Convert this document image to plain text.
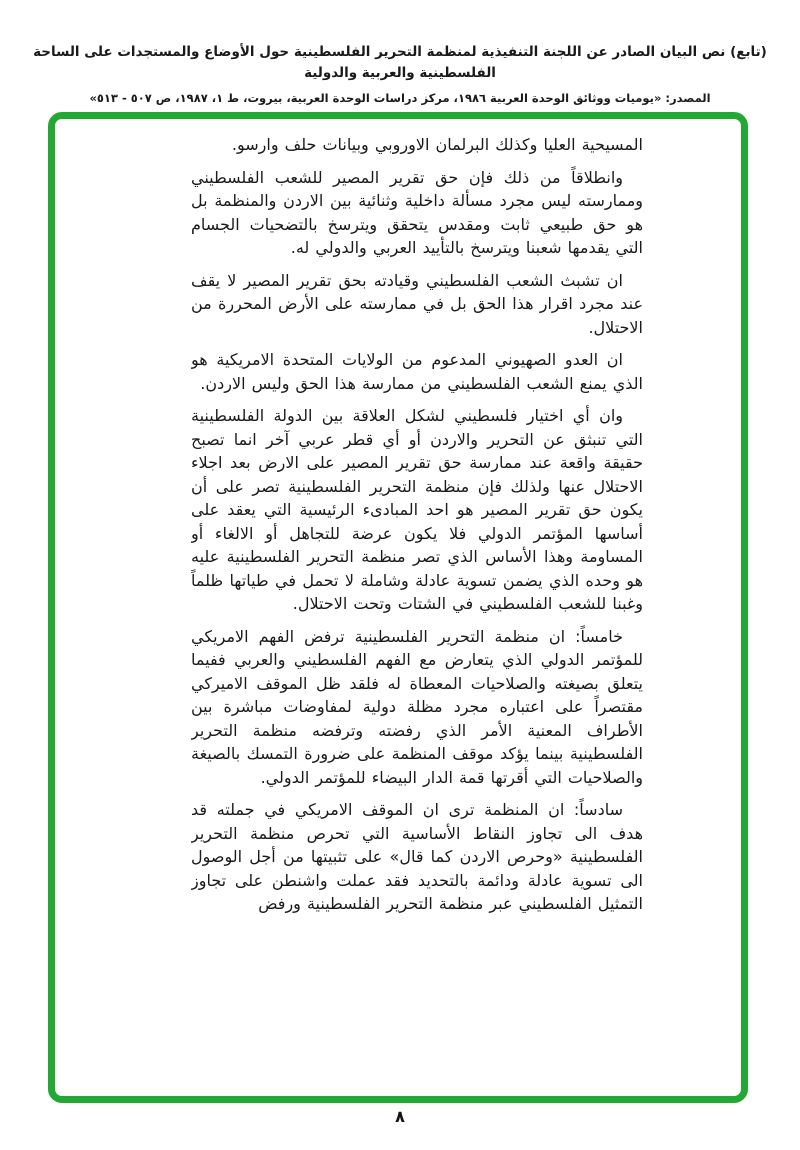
(تابع) نص البيان الصادر عن اللجنة التنفيذية لمنظمة التحرير الفلسطينية حول الأوضاع والمستجدات على الساحة الفلسطينية والعربية والدولية
المصدر: «يوميات ووثائق الوحدة العربية ١٩٨٦، مركز دراسات الوحدة العربية، بيروت، ط ١، ١٩٨٧، ص ٥٠٧ - ٥١٣»

المسيحية العليا وكذلك البرلمان الاوروبي وبيانات حلف وارسو.

وانطلاقاً من ذلك فإن حق تقرير المصير للشعب الفلسطيني وممارسته ليس مجرد مسألة داخلية وثنائية بين الاردن والمنظمة بل هو حق طبيعي ثابت ومقدس يتحقق ويترسخ بالتضحيات الجسام التي يقدمها شعبنا ويترسخ بالتأييد العربي والدولي له.

ان تشبث الشعب الفلسطيني وقيادته بحق تقرير المصير لا يقف عند مجرد اقرار هذا الحق بل في ممارسته على الأرض المحررة من الاحتلال.

ان العدو الصهيوني المدعوم من الولايات المتحدة الامريكية هو الذي يمنع الشعب الفلسطيني من ممارسة هذا الحق وليس الاردن.

وان أي اختيار فلسطيني لشكل العلاقة بين الدولة الفلسطينية التي تنبثق عن التحرير والاردن أو أي قطر عربي آخر انما تصبح حقيقة واقعة عند ممارسة حق تقرير المصير على الارض بعد اجلاء الاحتلال عنها ولذلك فإن منظمة التحرير الفلسطينية تصر على أن يكون حق تقرير المصير هو احد المبادىء الرئيسية التي يعقد على أساسها المؤتمر الدولي فلا يكون عرضة للتجاهل أو الالغاء أو المساومة وهذا الأساس الذي تصر منظمة التحرير الفلسطينية عليه هو وحده الذي يضمن تسوية عادلة وشاملة لا تحمل في طياتها ظلماً وغبنا للشعب الفلسطيني في الشتات وتحت الاحتلال.

خامساً: ان منظمة التحرير الفلسطينية ترفض الفهم الامريكي للمؤتمر الدولي الذي يتعارض مع الفهم الفلسطيني والعربي ففيما يتعلق بصيغته والصلاحيات المعطاة له فلقد ظل الموقف الاميركي مقتصراً على اعتباره مجرد مظلة دولية لمفاوضات مباشرة بين الأطراف المعنية الأمر الذي رفضته وترفضه منظمة التحرير الفلسطينية بينما يؤكد موقف المنظمة على ضرورة التمسك بالصيغة والصلاحيات التي أقرتها قمة الدار البيضاء للمؤتمر الدولي.

سادساً: ان المنظمة ترى ان الموقف الامريكي في جملته قد هدف الى تجاوز النقاط الأساسية التي تحرص منظمة التحرير الفلسطينية «وحرص الاردن كما قال» على تثبيتها من أجل الوصول الى تسوية عادلة ودائمة بالتحديد فقد عملت واشنطن على تجاوز التمثيل الفلسطيني عبر منظمة التحرير الفلسطينية ورفض

٨
